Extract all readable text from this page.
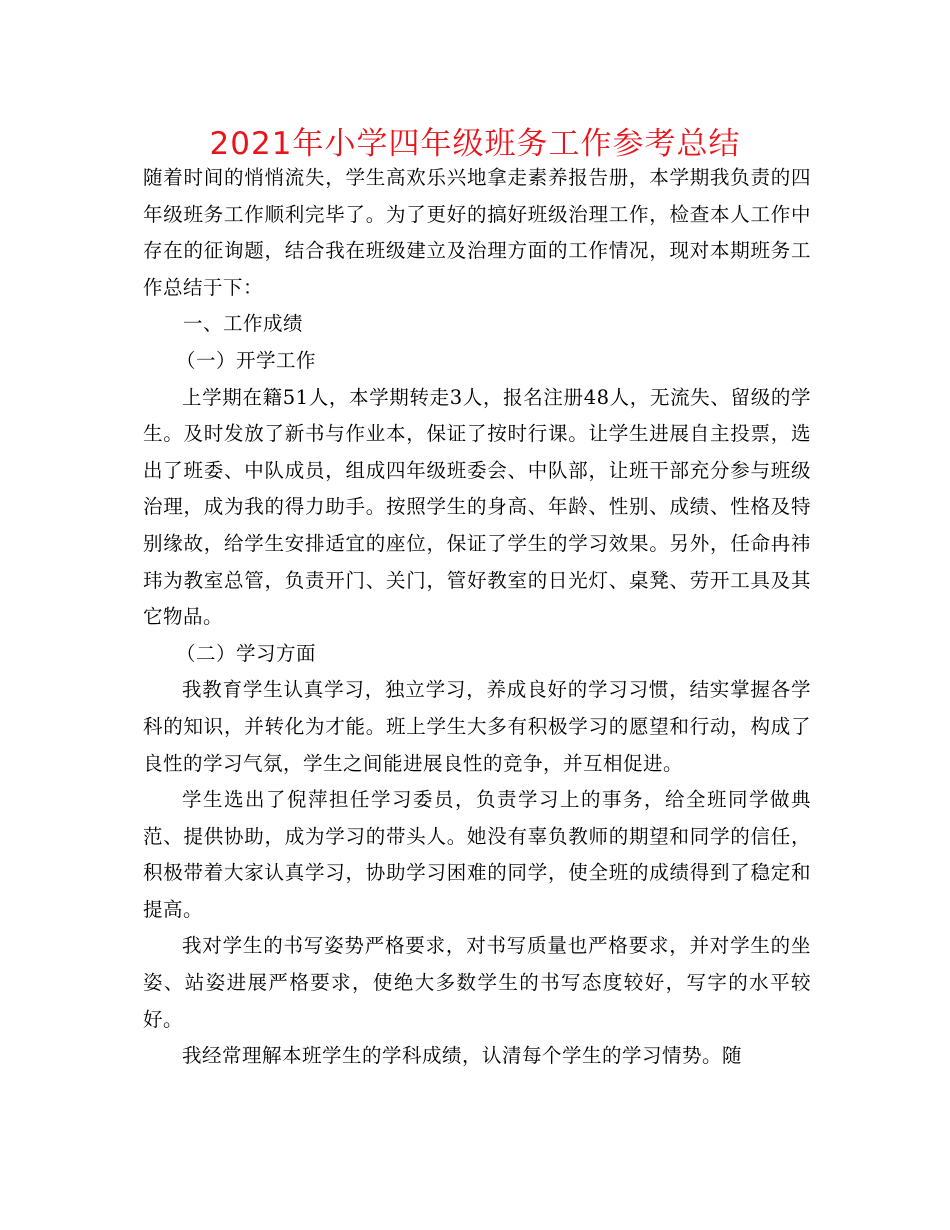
2021年小学四年级班务工作参考总结

随着时间的悄悄流失，学生高欢乐兴地拿走素养报告册，本学期我负责的四年级班务工作顺利完毕了。为了更好的搞好班级治理工作，检查本人工作中存在的征询题，结合我在班级建立及治理方面的工作情况，现对本期班务工作总结于下：

一、工作成绩

（一）开学工作

上学期在籍51人，本学期转走3人，报名注册48人，无流失、留级的学生。及时发放了新书与作业本，保证了按时行课。让学生进展自主投票，选出了班委、中队成员，组成四年级班委会、中队部，让班干部充分参与班级治理，成为我的得力助手。按照学生的身高、年龄、性别、成绩、性格及特别缘故，给学生安排适宜的座位，保证了学生的学习效果。另外，任命冉祎玮为教室总管，负责开门、关门，管好教室的日光灯、桌凳、劳开工具及其它物品。

（二）学习方面

我教育学生认真学习，独立学习，养成良好的学习习惯，结实掌握各学科的知识，并转化为才能。班上学生大多有积极学习的愿望和行动，构成了良性的学习气氛，学生之间能进展良性的竞争，并互相促进。

学生选出了倪萍担任学习委员，负责学习上的事务，给全班同学做典范、提供协助，成为学习的带头人。她没有辜负教师的期望和同学的信任，积极带着大家认真学习，协助学习困难的同学，使全班的成绩得到了稳定和提高。

我对学生的书写姿势严格要求，对书写质量也严格要求，并对学生的坐姿、站姿进展严格要求，使绝大多数学生的书写态度较好，写字的水平较好。

我经常理解本班学生的学科成绩，认清每个学生的学习情势。随
